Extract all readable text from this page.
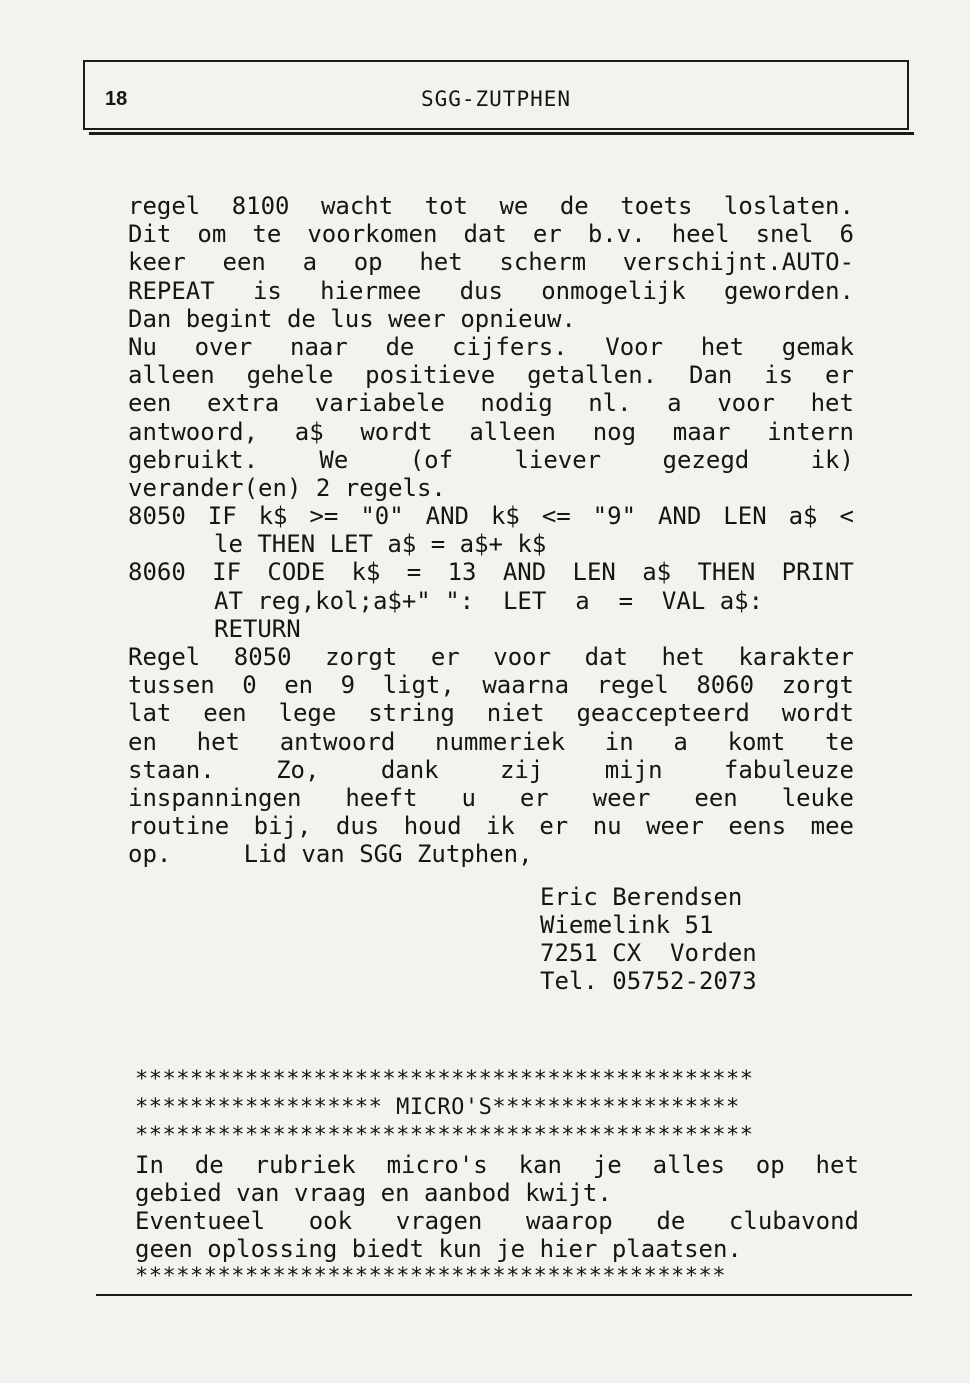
18	SGG-ZUTPHEN
regel 8100 wacht tot we de toets loslaten.
Dit om te voorkomen dat er b.v. heel snel 6
keer een a op het scherm verschijnt.AUTO-
REPEAT is hiermee dus onmogelijk geworden.
Dan begint de lus weer opnieuw.
Nu over naar de cijfers. Voor het gemak
alleen gehele positieve getallen. Dan is er
een extra variabele nodig nl. a voor het
antwoord, a$ wordt alleen nog maar intern
gebruikt.	We	(of	liever	gezegd	ik)
verander(en) 2 regels.
8050 IF k$ >= "0" AND k$ <= "9" AND LEN a$ <
le THEN LET a$ = a$+ k$
8060 IF CODE k$ = 13 AND LEN a$ THEN PRINT
AT reg,kol;a$+" ":  LET  a  =  VAL a$:
RETURN
Regel 8050 zorgt er voor dat het karakter
tussen 0 en 9 ligt, waarna regel 8060 zorgt
lat een lege string niet geaccepteerd wordt
en het antwoord nummeriek in a komt te
staan.	Zo,	dank	zij	mijn	fabuleuze
inspanningen heeft u er weer een leuke
routine bij, dus houd ik er nu weer eens mee
op.     Lid van SGG Zutphen,
Eric Berendsen
Wiemelink 51
7251 CX  Vorden
Tel. 05752-2073
*********************************************
****************** MICRO'S******************
*********************************************
In de rubriek micro's kan je alles op het
gebied van vraag en aanbod kwijt.
Eventueel ook vragen waarop de clubavond
geen oplossing biedt kun je hier plaatsen.
*******************************************
